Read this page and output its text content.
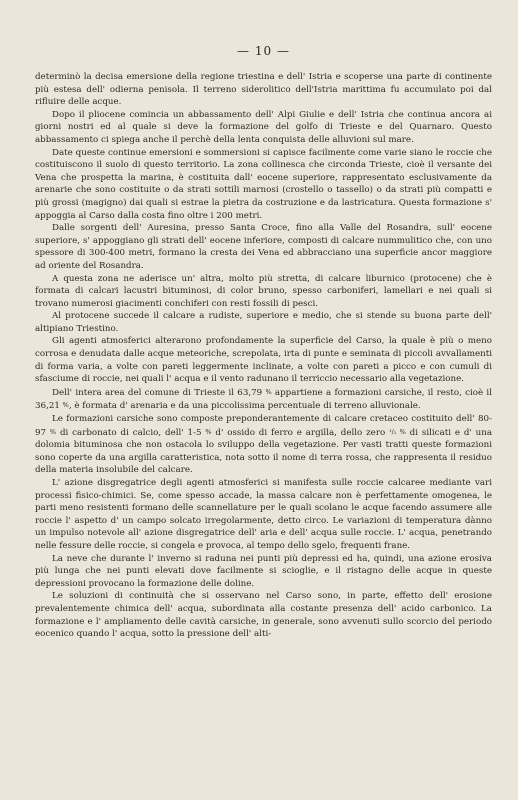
— 10 —

determinò la decisa emersione della regione triestina e dell' Istria e scoperse una parte di continente più estesa dell' odierna penisola. Il terreno siderolitico dell'Istria marittima fu accumulato poi dal rifluire delle acque.

Dopo il pliocene comincia un abbassamento dell' Alpi Giulie e dell' Istria che continua ancora ai giorni nostri ed al quale si deve la formazione del golfo di Trieste e del Quarnaro. Questo abbassamento ci spiega anche il perchè della lenta conquista delle alluvioni sul mare.

Date queste continue emersioni e sommersioni si capisce facilmente come varie siano le roccie che costituiscono il suolo di questo territorio. La zona collinesca che circonda Trieste, cioè il versante dei Vena che prospetta la marina, è costituita dall' eocene superiore, rappresentato esclusivamente da arenarie che sono costituite o da strati sottili marnosi (crostello o tassello) o da strati più compatti e più grossi (magigno) dai quali si estrae la pietra da costruzione e da lastricatura. Questa formazione s' appoggia al Carso dalla costa fino oltre i 200 metri.

Dalle sorgenti dell' Auresina, presso Santa Croce, fino alla Valle del Rosandra, sull' eocene superiore, s' appoggiano gli strati dell' eocene inferiore, composti di calcare nummulitico che, con uno spessore di 300-400 metri, formano la cresta dei Vena ed abbracciano una superficie ancor maggiore ad oriente del Rosandra.

A questa zona ne aderisce un' altra, molto più stretta, di calcare liburnico (protocene) che è formata di calcari lacustri bituminosi, di color bruno, spesso carboniferi, lamellari e nei quali si trovano numerosi giacimenti conchiferi con resti fossili di pesci.

Al protocene succede il calcare a rudiste, superiore e medio, che si stende su buona parte dell' altipiano Triestino.

Gli agenti atmosferici alterarono profondamente la superficie del Carso, la quale è più o meno corrosa e denudata dalle acque meteoriche, screpolata, irta di punte e seminata di piccoli avvallamenti di forma varia, a volte con pareti leggermente inclinate, a volte con pareti a picco e con cumuli di sfasciume di roccie, nei quali l' acqua e il vento radunano il terriccio necessario alla vegetazione.

Dell' intera area del comune di Trieste il 63,79 % appartiene a formazioni carsiche, il resto, cioè il 36,21 %, è formata d' arenaria e da una piccolissima percentuale di terreno alluvionale.

Le formazioni carsiche sono composte preponderantemente di calcare cretaceo costituito dell' 80-97 % di carbonato di calcio, dell' 1-5 % d' ossido di ferro e argilla, dello zero ¹/₂ % di silicati e d' una dolomia bituminosa che non ostacola lo sviluppo della vegetazione. Per vasti tratti queste formazioni sono coperte da una argilla caratteristica, nota sotto il nome di terra rossa, che rappresenta il residuo della materia insolubile del calcare.

L' azione disgregatrice degli agenti atmosferici si manifesta sulle roccie calcaree mediante vari processi fisico-chimici. Se, come spesso accade, la massa calcare non è perfettamente omogenea, le parti meno resistenti formano delle scannellature per le quali scolano le acque facendo assumere alle roccie l' aspetto d' un campo solcato irregolarmente, detto circo. Le variazioni di temperatura dànno un impulso notevole all' azione disgregatrice dell' aria e dell' acqua sulle roccie. L' acqua, penetrando nelle fessure delle roccie, si congela e provoca, al tempo dello sgelo, frequenti frane.

La neve che durante l' inverno si raduna nei punti più depressi ed ha, quindi, una azione erosiva più lunga che nei punti elevati dove facilmente si scioglie, e il ristagno delle acque in queste depressioni provocano la formazione delle doline.

Le soluzioni di continuità che si osservano nel Carso sono, in parte, effetto dell' erosione prevalentemente chimica dell' acqua, subordinata alla costante presenza dell' acido carbonico. La formazione e l' ampliamento delle cavità carsiche, in generale, sono avvenuti sullo scorcio del periodo eocenico quando l' acqua, sotto la pressione dell' alti-
